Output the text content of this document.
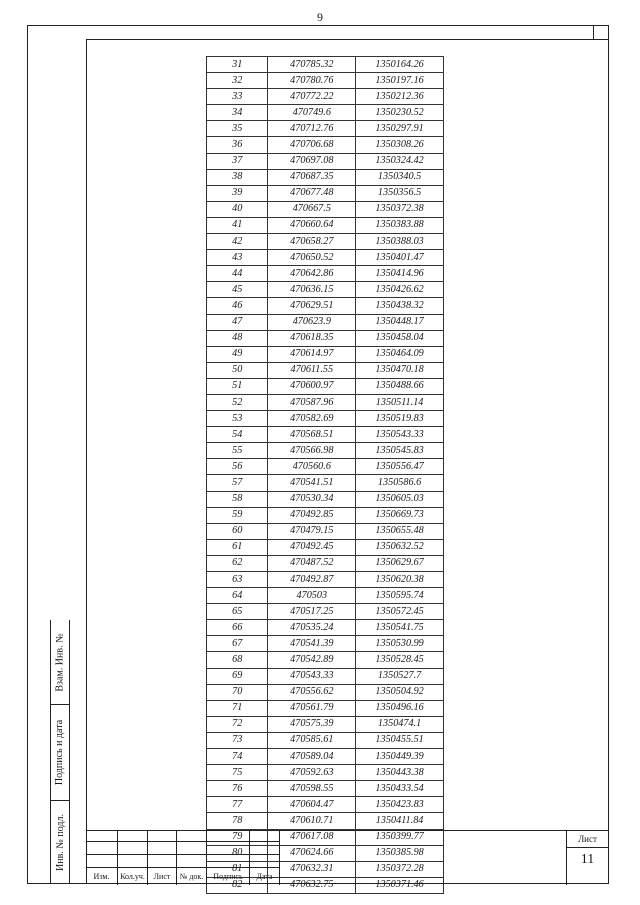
9
Взам. Инв. №
Подпись и дата
Инв. № подл.
31	470785.32	1350164.26
32	470780.76	1350197.16
33	470772.22	1350212.36
34	470749.6	1350230.52
35	470712.76	1350297.91
36	470706.68	1350308.26
37	470697.08	1350324.42
38	470687.35	1350340.5
39	470677.48	1350356.5
40	470667.5	1350372.38
41	470660.64	1350383.88
42	470658.27	1350388.03
43	470650.52	1350401.47
44	470642.86	1350414.96
45	470636.15	1350426.62
46	470629.51	1350438.32
47	470623.9	1350448.17
48	470618.35	1350458.04
49	470614.97	1350464.09
50	470611.55	1350470.18
51	470600.97	1350488.66
52	470587.96	1350511.14
53	470582.69	1350519.83
54	470568.51	1350543.33
55	470566.98	1350545.83
56	470560.6	1350556.47
57	470541.51	1350586.6
58	470530.34	1350605.03
59	470492.85	1350669.73
60	470479.15	1350655.48
61	470492.45	1350632.52
62	470487.52	1350629.67
63	470492.87	1350620.38
64	470503	1350595.74
65	470517.25	1350572.45
66	470535.24	1350541.75
67	470541.39	1350530.99
68	470542.89	1350528.45
69	470543.33	1350527.7
70	470556.62	1350504.92
71	470561.79	1350496.16
72	470575.39	1350474.1
73	470585.61	1350455.51
74	470589.04	1350449.39
75	470592.63	1350443.38
76	470598.55	1350433.54
77	470604.47	1350423.83
78	470610.71	1350411.84
79	470617.08	1350399.77
80	470624.66	1350385.98
81	470632.31	1350372.28
82	470632.75	1350371.46
Изм.	Кол.уч.	Лист	№ док.	Подпись	Дата
Лист
11
